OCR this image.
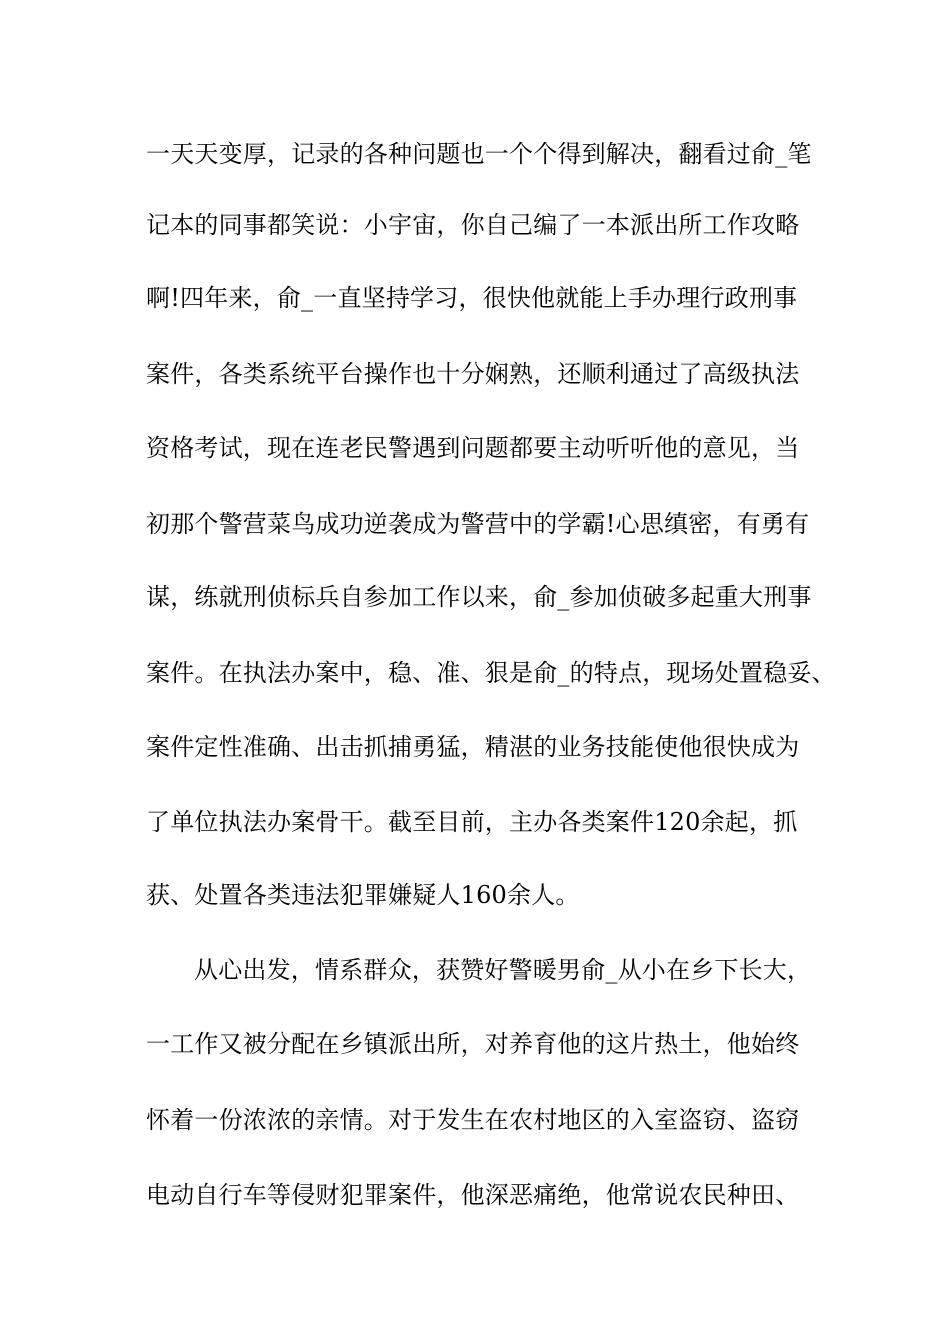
一天天变厚，记录的各种问题也一个个得到解决，翻看过俞_笔
记本的同事都笑说：小宇宙，你自己编了一本派出所工作攻略
啊!四年来，俞_一直坚持学习，很快他就能上手办理行政刑事
案件，各类系统平台操作也十分娴熟，还顺利通过了高级执法
资格考试，现在连老民警遇到问题都要主动听听他的意见，当
初那个警营菜鸟成功逆袭成为警营中的学霸!心思缜密，有勇有
谋，练就刑侦标兵自参加工作以来，俞_参加侦破多起重大刑事
案件。在执法办案中，稳、准、狠是俞_的特点，现场处置稳妥、
案件定性准确、出击抓捕勇猛，精湛的业务技能使他很快成为
了单位执法办案骨干。截至目前，主办各类案件120余起，抓
获、处置各类违法犯罪嫌疑人160余人。
从心出发，情系群众，获赞好警暖男俞_从小在乡下长大，
一工作又被分配在乡镇派出所，对养育他的这片热土，他始终
怀着一份浓浓的亲情。对于发生在农村地区的入室盗窃、盗窃
电动自行车等侵财犯罪案件，他深恶痛绝，他常说农民种田、
